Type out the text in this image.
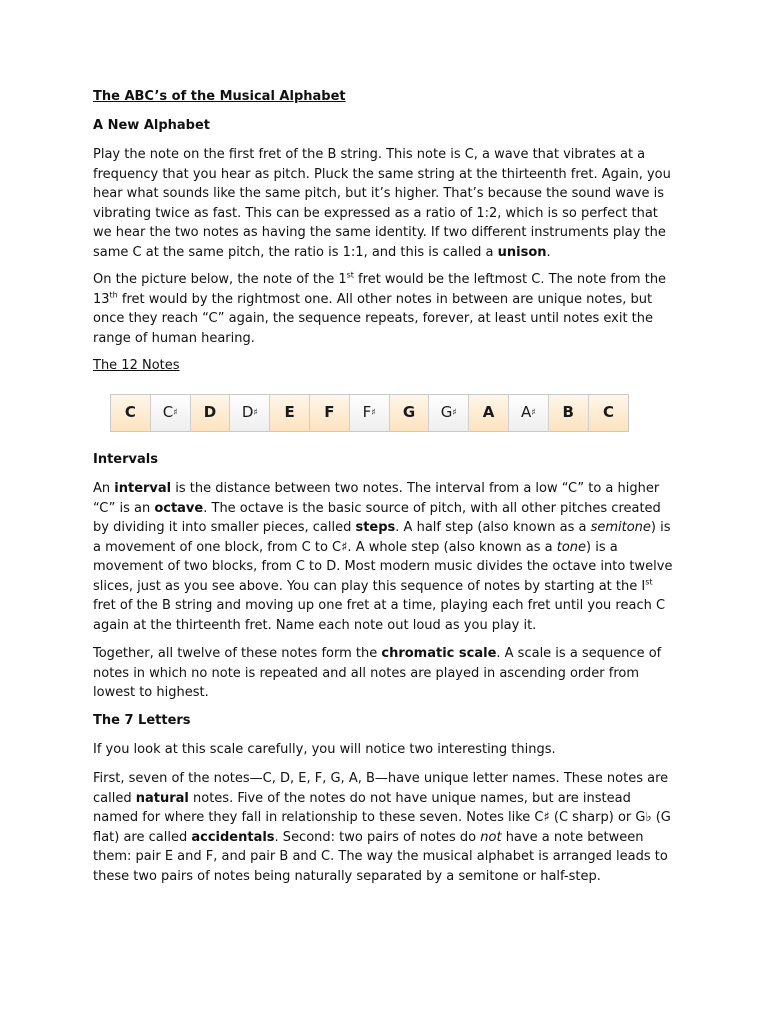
The ABC’s of the Musical Alphabet
A New Alphabet

Play the note on the first fret of the B string. This note is C, a wave that vibrates at a frequency that you hear as pitch. Pluck the same string at the thirteenth fret. Again, you hear what sounds like the same pitch, but it’s higher. That’s because the sound wave is vibrating twice as fast. This can be expressed as a ratio of 1:2, which is so perfect that we hear the two notes as having the same identity. If two different instruments play the same C at the same pitch, the ratio is 1:1, and this is called a unison.

On the picture below, the note of the 1st fret would be the leftmost C. The note from the 13th fret would by the rightmost one. All other notes in between are unique notes, but once they reach “C” again, the sequence repeats, forever, at least until notes exit the range of human hearing.

The 12 Notes
C C ♯ D D ♯ E F F ♯ G G ♯ A A ♯ B C
Intervals

An interval is the distance between two notes. The interval from a low “C” to a higher “C” is an octave. The octave is the basic source of pitch, with all other pitches created by dividing it into smaller pieces, called steps. A half step (also known as a semitone) is a movement of one block, from C to C♯. A whole step (also known as a tone) is a movement of two blocks, from C to D. Most modern music divides the octave into twelve slices, just as you see above. You can play this sequence of notes by starting at the Ist fret of the B string and moving up one fret at a time, playing each fret until you reach C again at the thirteenth fret. Name each note out loud as you play it.

Together, all twelve of these notes form the chromatic scale. A scale is a sequence of notes in which no note is repeated and all notes are played in ascending order from lowest to highest.

The 7 Letters

If you look at this scale carefully, you will notice two interesting things.

First, seven of the notes—C, D, E, F, G, A, B—have unique letter names. These notes are called natural notes. Five of the notes do not have unique names, but are instead named for where they fall in relationship to these seven. Notes like C♯ (C sharp) or G♭ (G flat) are called accidentals. Second: two pairs of notes do not have a note between them: pair E and F, and pair B and C. The way the musical alphabet is arranged leads to these two pairs of notes being naturally separated by a semitone or half-step.
